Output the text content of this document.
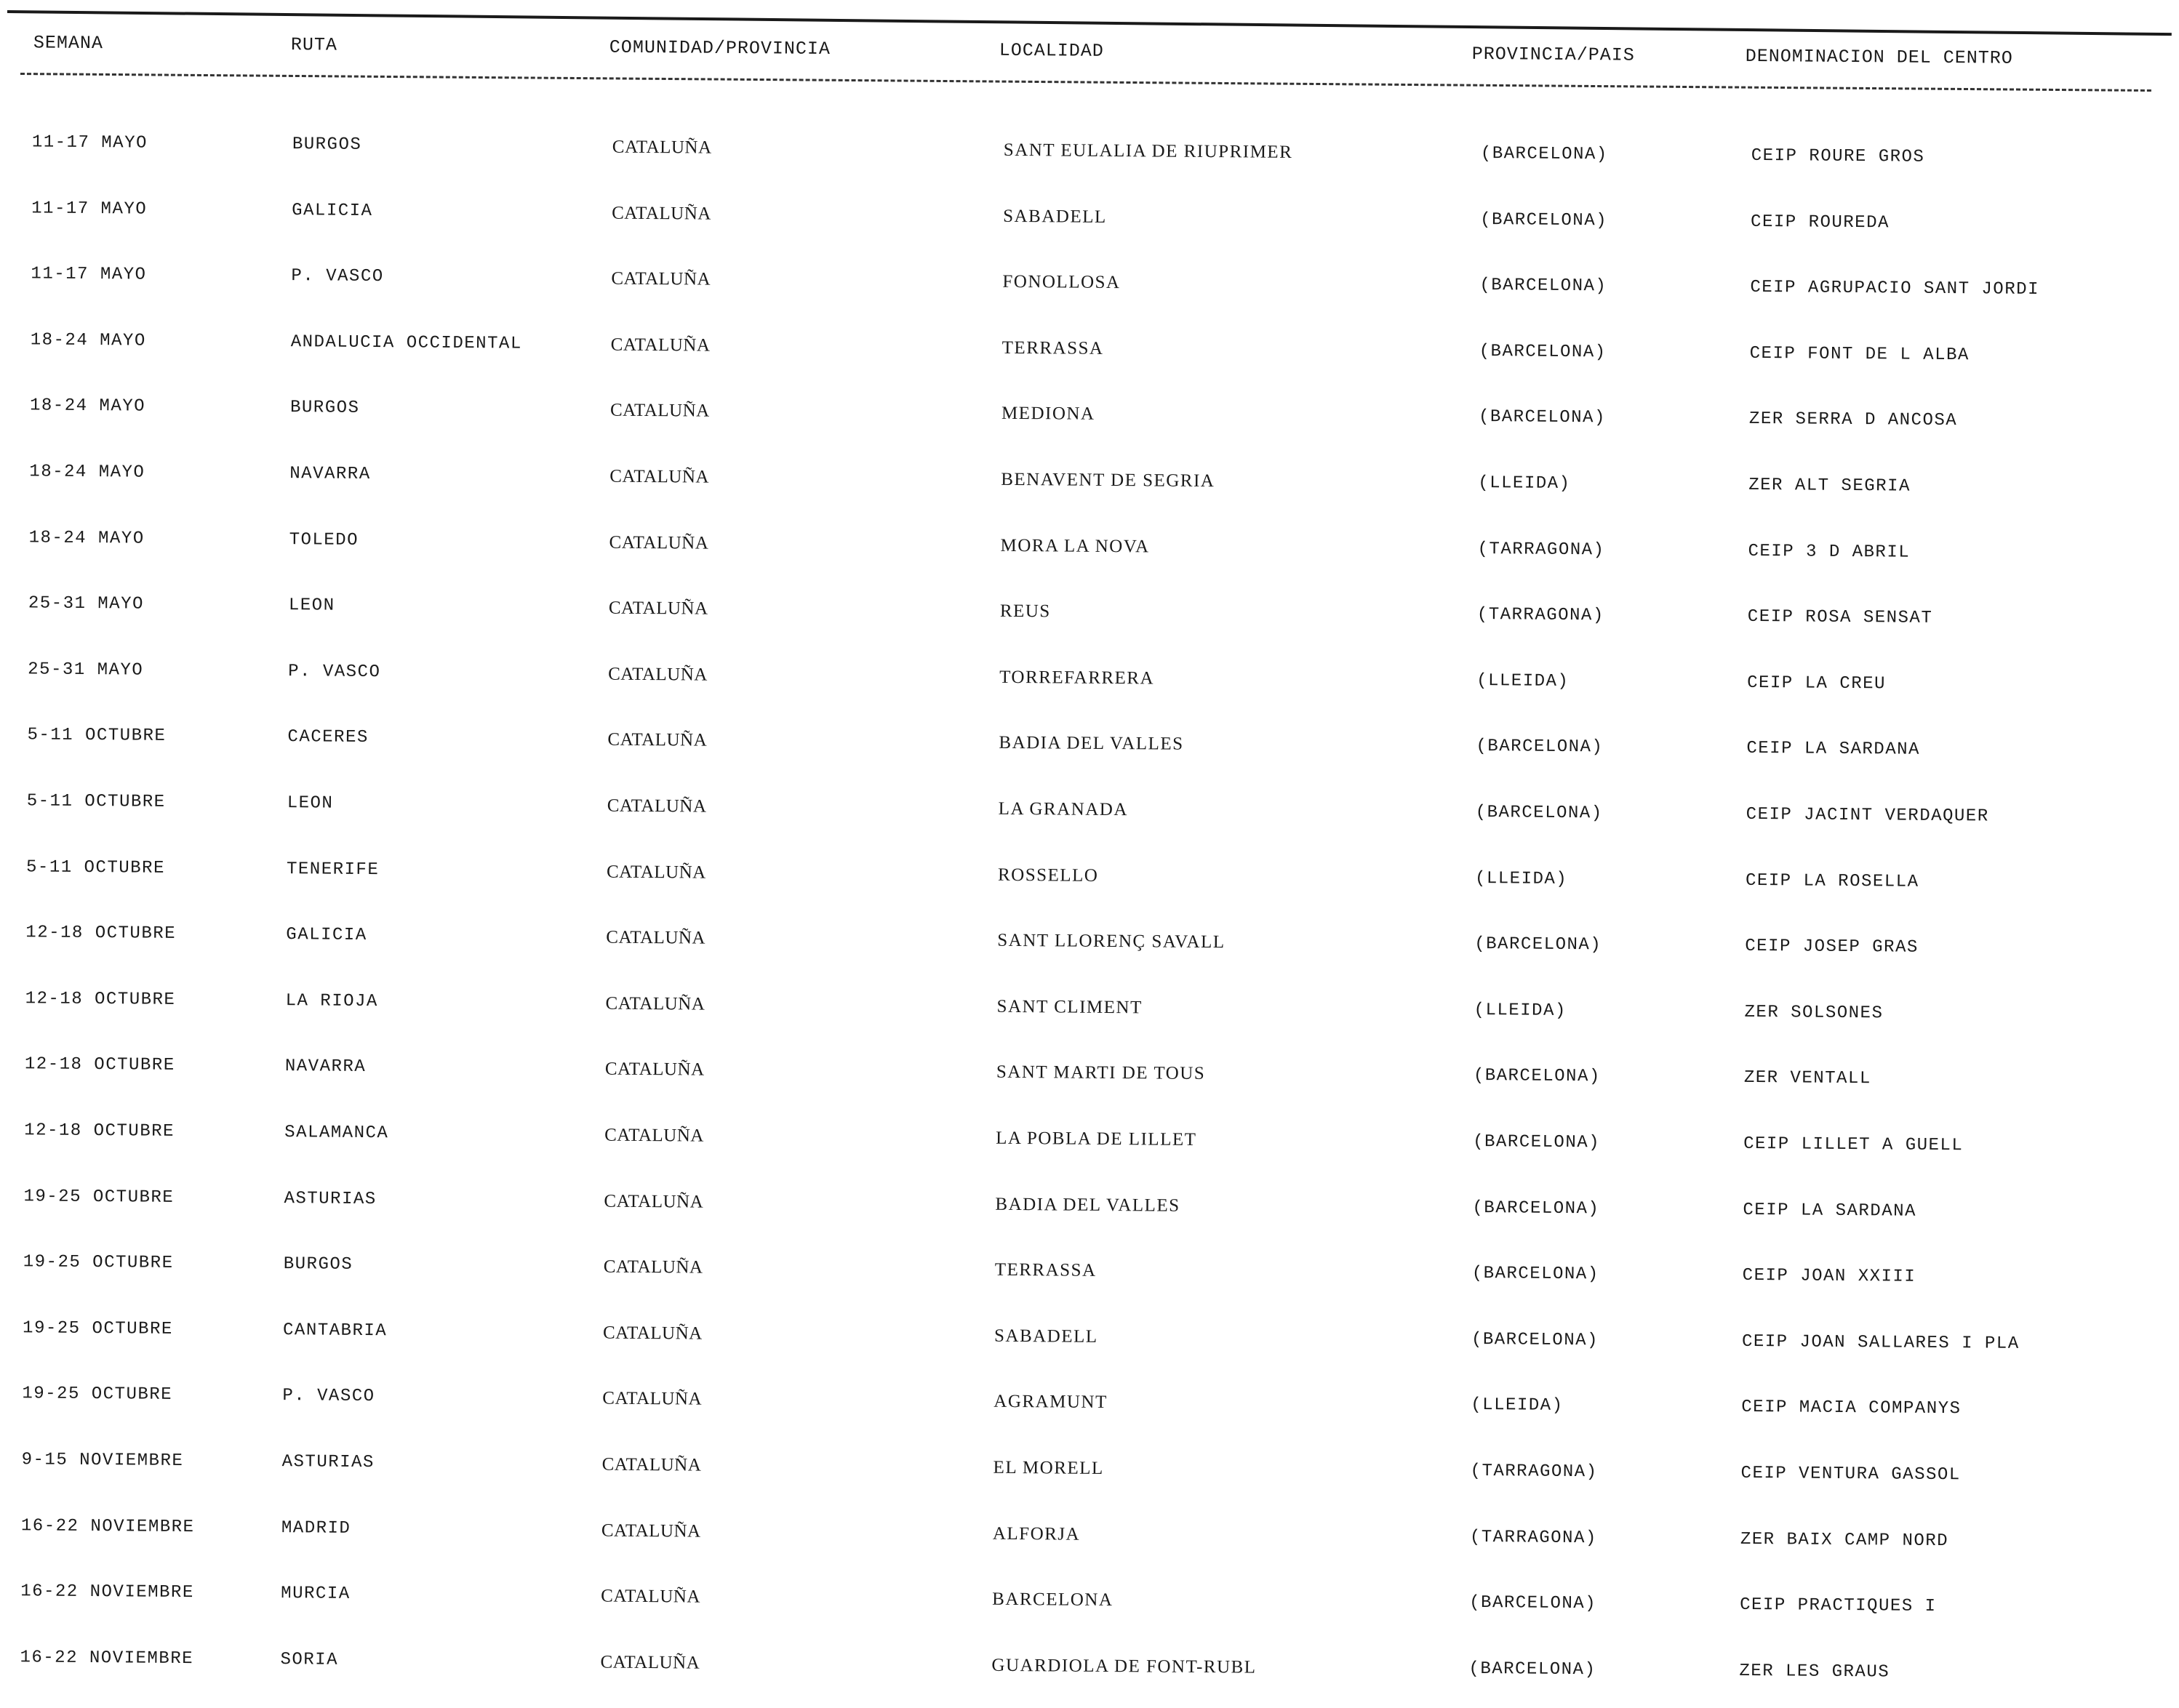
SEMANA	RUTA	COMUNIDAD/PROVINCIA	LOCALIDAD	PROVINCIA/PAIS	DENOMINACION DEL CENTRO
11-17 MAYO	BURGOS	CATALUÑA	SANT EULALIA DE RIUPRIMER	(BARCELONA)	CEIP ROURE GROS
11-17 MAYO	GALICIA	CATALUÑA	SABADELL	(BARCELONA)	CEIP ROUREDA
11-17 MAYO	P. VASCO	CATALUÑA	FONOLLOSA	(BARCELONA)	CEIP AGRUPACIO SANT JORDI
18-24 MAYO	ANDALUCIA OCCIDENTAL	CATALUÑA	TERRASSA	(BARCELONA)	CEIP FONT DE L ALBA
18-24 MAYO	BURGOS	CATALUÑA	MEDIONA	(BARCELONA)	ZER SERRA D ANCOSA
18-24 MAYO	NAVARRA	CATALUÑA	BENAVENT DE SEGRIA	(LLEIDA)	ZER ALT SEGRIA
18-24 MAYO	TOLEDO	CATALUÑA	MORA LA NOVA	(TARRAGONA)	CEIP 3 D ABRIL
25-31 MAYO	LEON	CATALUÑA	REUS	(TARRAGONA)	CEIP ROSA SENSAT
25-31 MAYO	P. VASCO	CATALUÑA	TORREFARRERA	(LLEIDA)	CEIP LA CREU
5-11 OCTUBRE	CACERES	CATALUÑA	BADIA DEL VALLES	(BARCELONA)	CEIP LA SARDANA
5-11 OCTUBRE	LEON	CATALUÑA	LA GRANADA	(BARCELONA)	CEIP JACINT VERDAQUER
5-11 OCTUBRE	TENERIFE	CATALUÑA	ROSSELLO	(LLEIDA)	CEIP LA ROSELLA
12-18 OCTUBRE	GALICIA	CATALUÑA	SANT LLORENÇ SAVALL	(BARCELONA)	CEIP JOSEP GRAS
12-18 OCTUBRE	LA RIOJA	CATALUÑA	SANT CLIMENT	(LLEIDA)	ZER SOLSONES
12-18 OCTUBRE	NAVARRA	CATALUÑA	SANT MARTI DE TOUS	(BARCELONA)	ZER VENTALL
12-18 OCTUBRE	SALAMANCA	CATALUÑA	LA POBLA DE LILLET	(BARCELONA)	CEIP LILLET A GUELL
19-25 OCTUBRE	ASTURIAS	CATALUÑA	BADIA DEL VALLES	(BARCELONA)	CEIP LA SARDANA
19-25 OCTUBRE	BURGOS	CATALUÑA	TERRASSA	(BARCELONA)	CEIP JOAN XXIII
19-25 OCTUBRE	CANTABRIA	CATALUÑA	SABADELL	(BARCELONA)	CEIP JOAN SALLARES I PLA
19-25 OCTUBRE	P. VASCO	CATALUÑA	AGRAMUNT	(LLEIDA)	CEIP MACIA COMPANYS
9-15 NOVIEMBRE	ASTURIAS	CATALUÑA	EL MORELL	(TARRAGONA)	CEIP VENTURA GASSOL
16-22 NOVIEMBRE	MADRID	CATALUÑA	ALFORJA	(TARRAGONA)	ZER BAIX CAMP NORD
16-22 NOVIEMBRE	MURCIA	CATALUÑA	BARCELONA	(BARCELONA)	CEIP PRACTIQUES I
16-22 NOVIEMBRE	SORIA	CATALUÑA	GUARDIOLA DE FONT-RUBL	(BARCELONA)	ZER LES GRAUS
